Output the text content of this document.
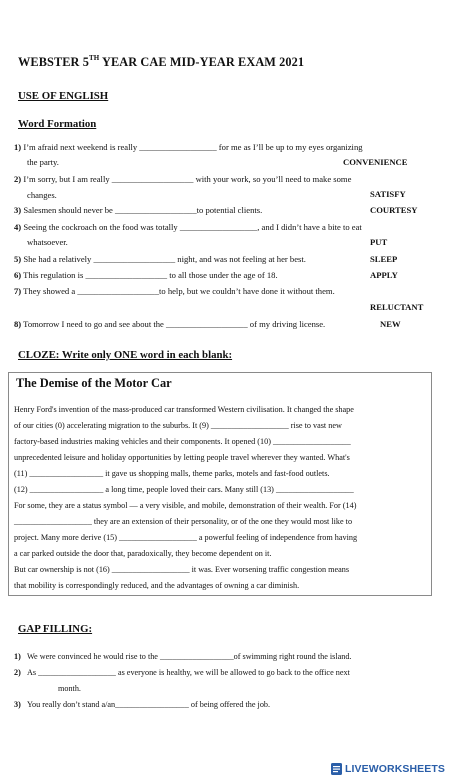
WEBSTER 5TH YEAR CAE MID-YEAR EXAM 2021
USE OF ENGLISH
Word Formation
1) I’m afraid next weekend is really __________________ for me as I’ll be up to my eyes organizing
the party.	CONVENIENCE
2) I’m sorry, but I am really ___________________ with your work, so you’ll need to make some
changes.	SATISFY
3) Salesmen should never be ___________________to potential clients.	COURTESY
4) Seeing the cockroach on the food was totally __________________, and I didn’t have a bite to eat
whatsoever.	PUT
5) She had a relatively ___________________ night, and was not feeling at her best.	SLEEP
6) This regulation is ___________________ to all those under the age of 18.	APPLY
7) They showed a ___________________to help, but we couldn’t have done it without them.
RELUCTANT
8) Tomorrow I need to go and see about the ___________________ of my driving license.	NEW
CLOZE: Write only ONE word in each blank:
The Demise of the Motor Car
Henry Ford's invention of the mass-produced car transformed Western civilisation. It changed the shape
of our cities (0) accelerating migration to the suburbs. It (9) ___________________ rise to vast new
factory-based industries making vehicles and their components. It opened (10) ___________________
unprecedented leisure and holiday opportunities by letting people travel wherever they wanted. What's
(11) __________________ it gave us shopping malls, theme parks, motels and fast-food outlets.
(12) __________________ a long time, people loved their cars. Many still (13) ___________________
For some, they are a status symbol — a very visible, and mobile, demonstration of their wealth. For (14)
___________________ they are an extension of their personality, or of the one they would most like to
project. Many more derive (15) ___________________ a powerful feeling of independence from having
a car parked outside the door that, paradoxically, they become dependent on it.
But car ownership is not (16) ___________________ it was. Ever worsening traffic congestion means
that mobility is correspondingly reduced, and the advantages of owning a car diminish.
GAP FILLING:
1) We were convinced he would rise to the __________________of swimming right round the island.
2) As ___________________ as everyone is healthy, we will be allowed to go back to the office next
month.
3) You really don’t stand a/an__________________ of being offered the job.
LIVEWORKSHEETS
